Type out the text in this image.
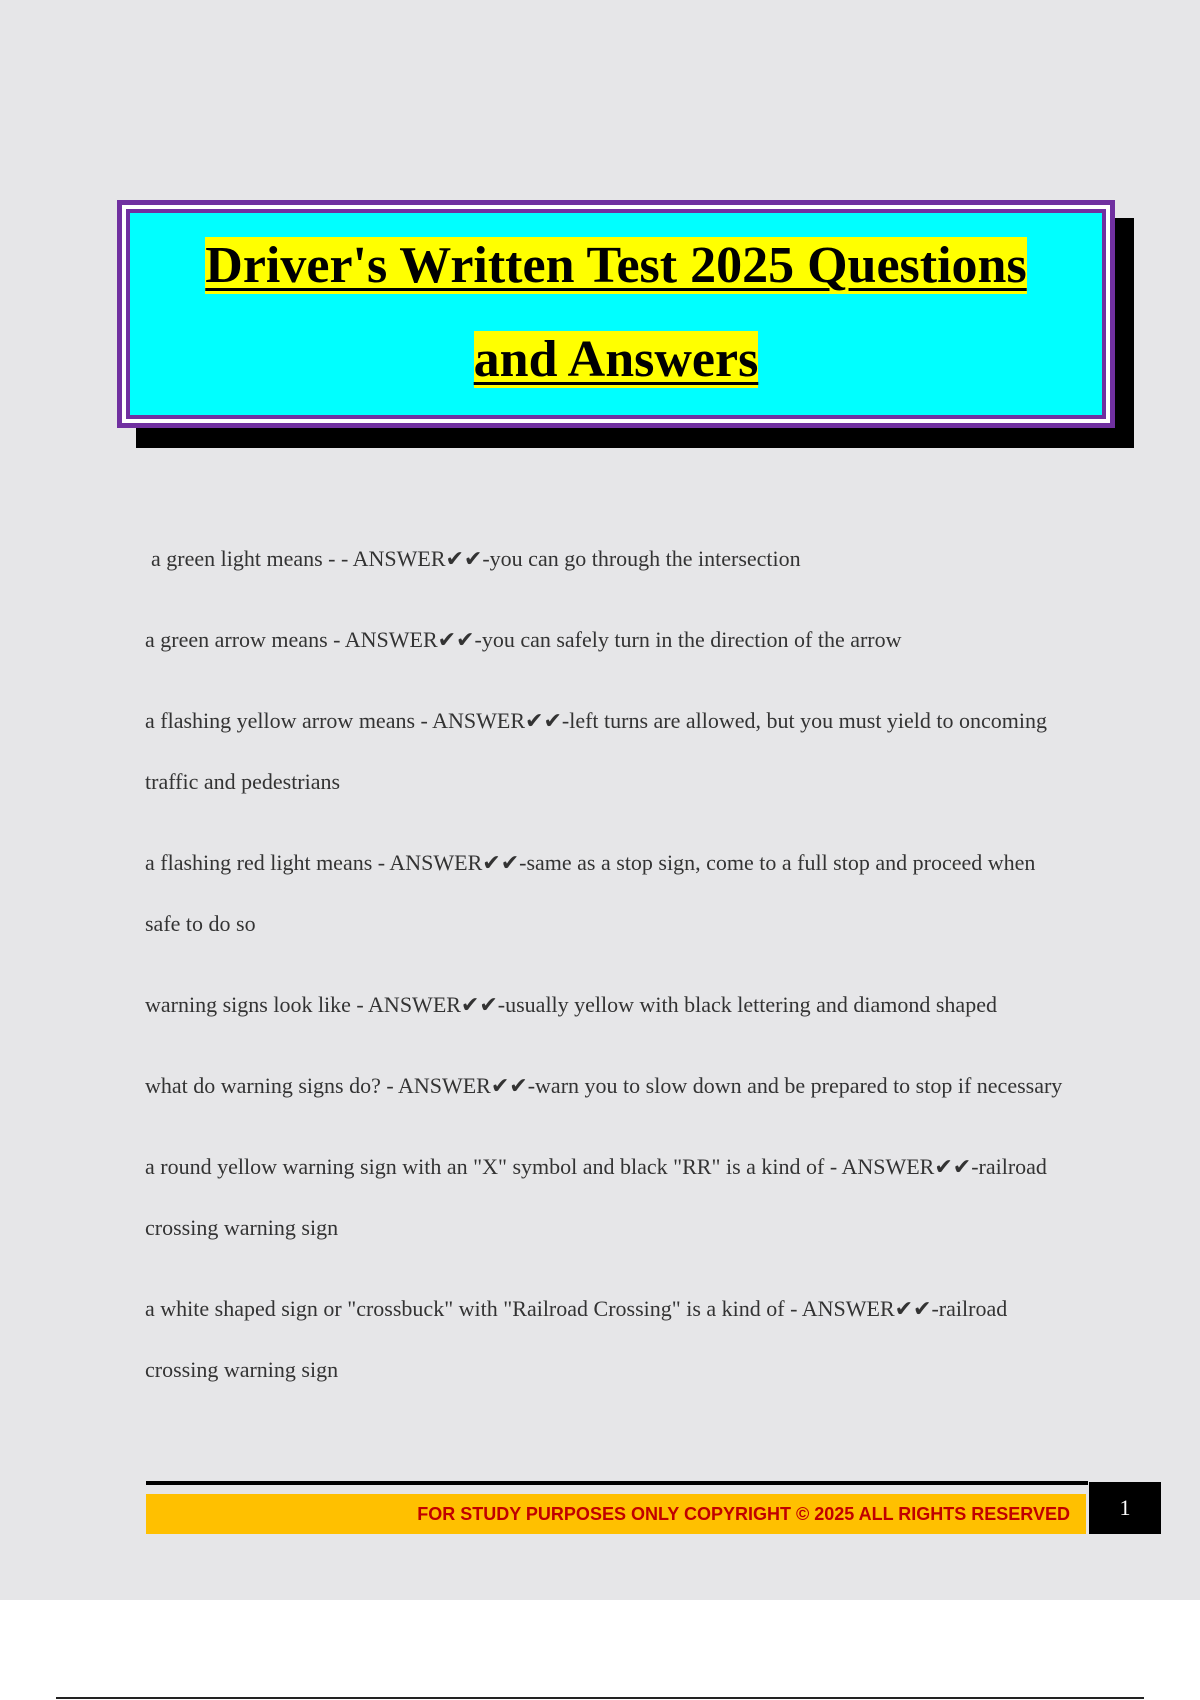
Driver's Written Test 2025 Questions
and Answers

a green light means - - ANSWER✔✔-you can go through the intersection

a green arrow means - ANSWER✔✔-you can safely turn in the direction of the arrow

a flashing yellow arrow means - ANSWER✔✔-left turns are allowed, but you must yield to oncoming traffic and pedestrians

a flashing red light means - ANSWER✔✔-same as a stop sign, come to a full stop and proceed when safe to do so

warning signs look like - ANSWER✔✔-usually yellow with black lettering and diamond shaped

what do warning signs do? - ANSWER✔✔-warn you to slow down and be prepared to stop if necessary

a round yellow warning sign with an "X" symbol and black "RR" is a kind of - ANSWER✔✔-railroad crossing warning sign

a white shaped sign or "crossbuck" with "Railroad Crossing" is a kind of - ANSWER✔✔-railroad crossing warning sign

FOR STUDY PURPOSES ONLY COPYRIGHT © 2025 ALL RIGHTS RESERVED	1
